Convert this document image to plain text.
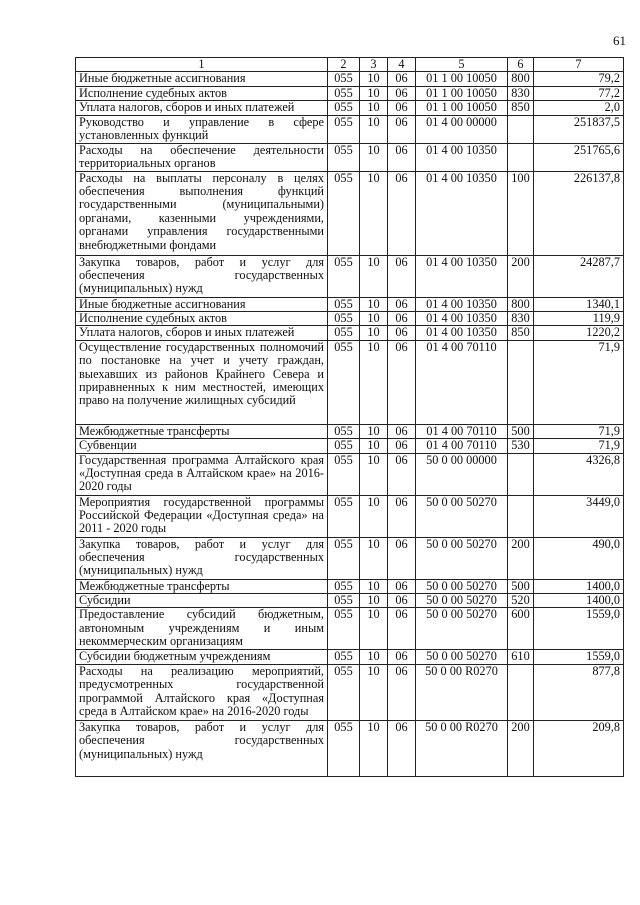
61
1	2	3	4	5	6	7
Иные бюджетные ассигнования	055	10	06	01 1 00 10050	800	79,2
Исполнение судебных актов	055	10	06	01 1 00 10050	830	77,2
Уплата налогов, сборов и иных платежей	055	10	06	01 1 00 10050	850	2,0
Руководство и управление в сфере установленных функций	055	10	06	01 4 00 00000		251837,5
Расходы на обеспечение деятельности территориальных органов	055	10	06	01 4 00 10350		251765,6
Расходы на выплаты персоналу в целях обеспечения выполнения функций государственными (муниципальными) органами, казенными учреждениями, органами управления государственными внебюджетными фондами	055	10	06	01 4 00 10350	100	226137,8
Закупка товаров, работ и услуг для обеспечения государственных (муниципальных) нужд	055	10	06	01 4 00 10350	200	24287,7
Иные бюджетные ассигнования	055	10	06	01 4 00 10350	800	1340,1
Исполнение судебных актов	055	10	06	01 4 00 10350	830	119,9
Уплата налогов, сборов и иных платежей	055	10	06	01 4 00 10350	850	1220,2
Осуществление государственных полномочий по постановке на учет и учету граждан, выехавших из районов Крайнего Севера и приравненных к ним местностей, имеющих право на получение жилищных субсидий	055	10	06	01 4 00 70110		71,9
Межбюджетные трансферты	055	10	06	01 4 00 70110	500	71,9
Субвенции	055	10	06	01 4 00 70110	530	71,9
Государственная программа Алтайского края «Доступная среда в Алтайском крае» на 2016-2020 годы	055	10	06	50 0 00 00000		4326,8
Мероприятия государственной программы Российской Федерации «Доступная среда» на 2011 - 2020 годы	055	10	06	50 0 00 50270		3449,0
Закупка товаров, работ и услуг для обеспечения государственных (муниципальных) нужд	055	10	06	50 0 00 50270	200	490,0
Межбюджетные трансферты	055	10	06	50 0 00 50270	500	1400,0
Субсидии	055	10	06	50 0 00 50270	520	1400,0
Предоставление субсидий бюджетным, автономным учреждениям и иным некоммерческим организациям	055	10	06	50 0 00 50270	600	1559,0
Субсидии бюджетным учреждениям	055	10	06	50 0 00 50270	610	1559,0
Расходы на реализацию мероприятий, предусмотренных государственной программой Алтайского края «Доступная среда в Алтайском крае» на 2016-2020 годы	055	10	06	50 0 00 R0270		877,8
Закупка товаров, работ и услуг для обеспечения государственных (муниципальных) нужд	055	10	06	50 0 00 R0270	200	209,8
